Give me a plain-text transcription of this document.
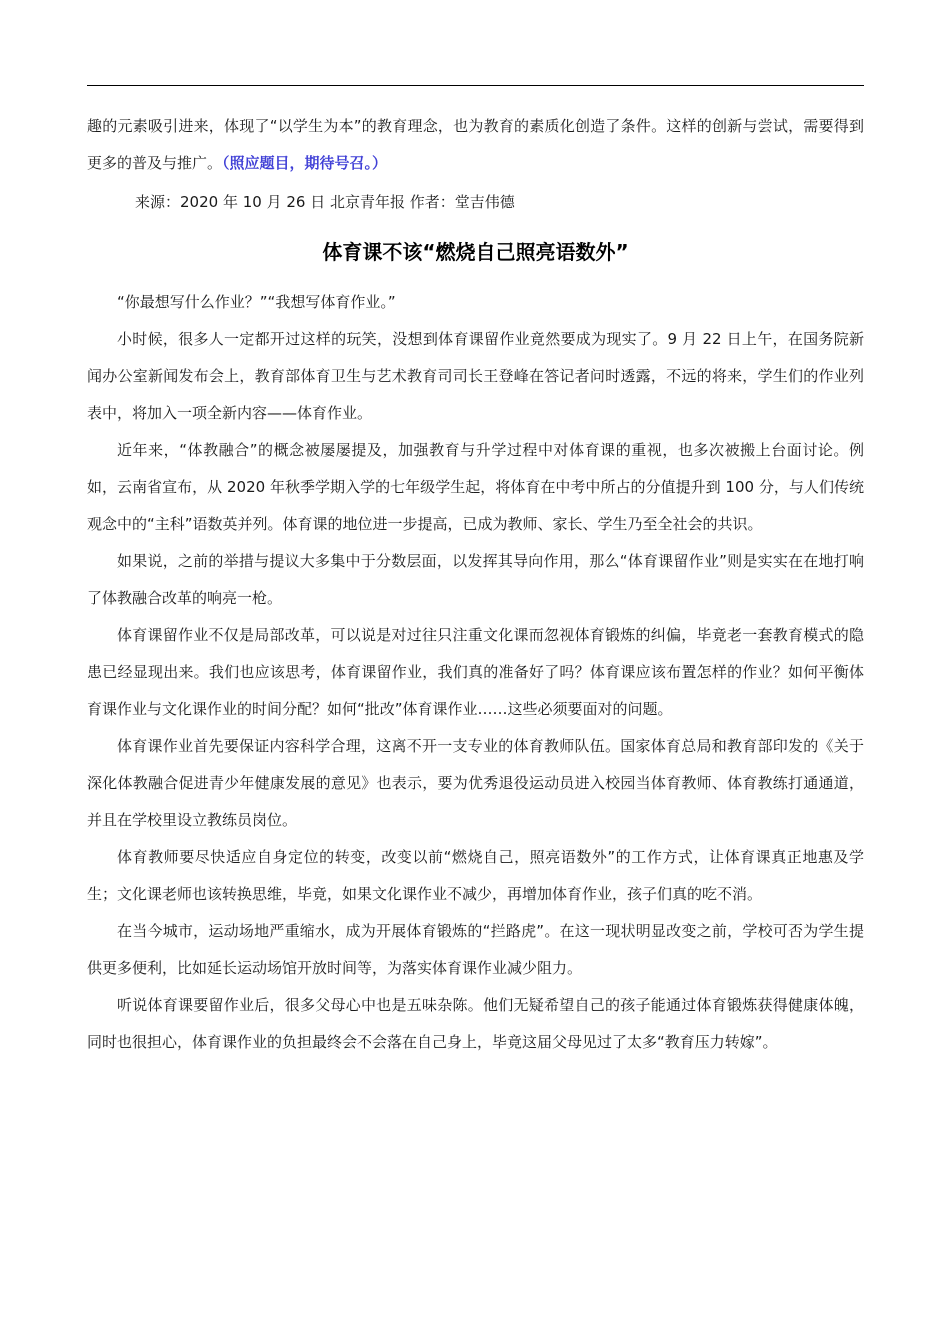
趣的元素吸引进来，体现了“以学生为本”的教育理念，也为教育的素质化创造了条件。这样的创新与尝试，需要得到更多的普及与推广。（照应题目，期待号召。）

来源：2020 年 10 月 26 日 北京青年报 作者：堂吉伟德

体育课不该“燃烧自己照亮语数外”

“你最想写什么作业？”“我想写体育作业。”

小时候，很多人一定都开过这样的玩笑，没想到体育课留作业竟然要成为现实了。9 月 22 日上午，在国务院新闻办公室新闻发布会上，教育部体育卫生与艺术教育司司长王登峰在答记者问时透露，不远的将来，学生们的作业列表中，将加入一项全新内容——体育作业。

近年来，“体教融合”的概念被屡屡提及，加强教育与升学过程中对体育课的重视，也多次被搬上台面讨论。例如，云南省宣布，从 2020 年秋季学期入学的七年级学生起，将体育在中考中所占的分值提升到 100 分，与人们传统观念中的“主科”语数英并列。体育课的地位进一步提高，已成为教师、家长、学生乃至全社会的共识。

如果说，之前的举措与提议大多集中于分数层面，以发挥其导向作用，那么“体育课留作业”则是实实在在地打响了体教融合改革的响亮一枪。

体育课留作业不仅是局部改革，可以说是对过往只注重文化课而忽视体育锻炼的纠偏，毕竟老一套教育模式的隐患已经显现出来。我们也应该思考，体育课留作业，我们真的准备好了吗？体育课应该布置怎样的作业？如何平衡体育课作业与文化课作业的时间分配？如何“批改”体育课作业……这些必须要面对的问题。

体育课作业首先要保证内容科学合理，这离不开一支专业的体育教师队伍。国家体育总局和教育部印发的《关于深化体教融合促进青少年健康发展的意见》也表示，要为优秀退役运动员进入校园当体育教师、体育教练打通通道，并且在学校里设立教练员岗位。

体育教师要尽快适应自身定位的转变，改变以前“燃烧自己，照亮语数外”的工作方式，让体育课真正地惠及学生；文化课老师也该转换思维，毕竟，如果文化课作业不减少，再增加体育作业，孩子们真的吃不消。

在当今城市，运动场地严重缩水，成为开展体育锻炼的“拦路虎”。在这一现状明显改变之前，学校可否为学生提供更多便利，比如延长运动场馆开放时间等，为落实体育课作业减少阻力。

听说体育课要留作业后，很多父母心中也是五味杂陈。他们无疑希望自己的孩子能通过体育锻炼获得健康体魄，同时也很担心，体育课作业的负担最终会不会落在自己身上，毕竟这届父母见过了太多“教育压力转嫁”。
